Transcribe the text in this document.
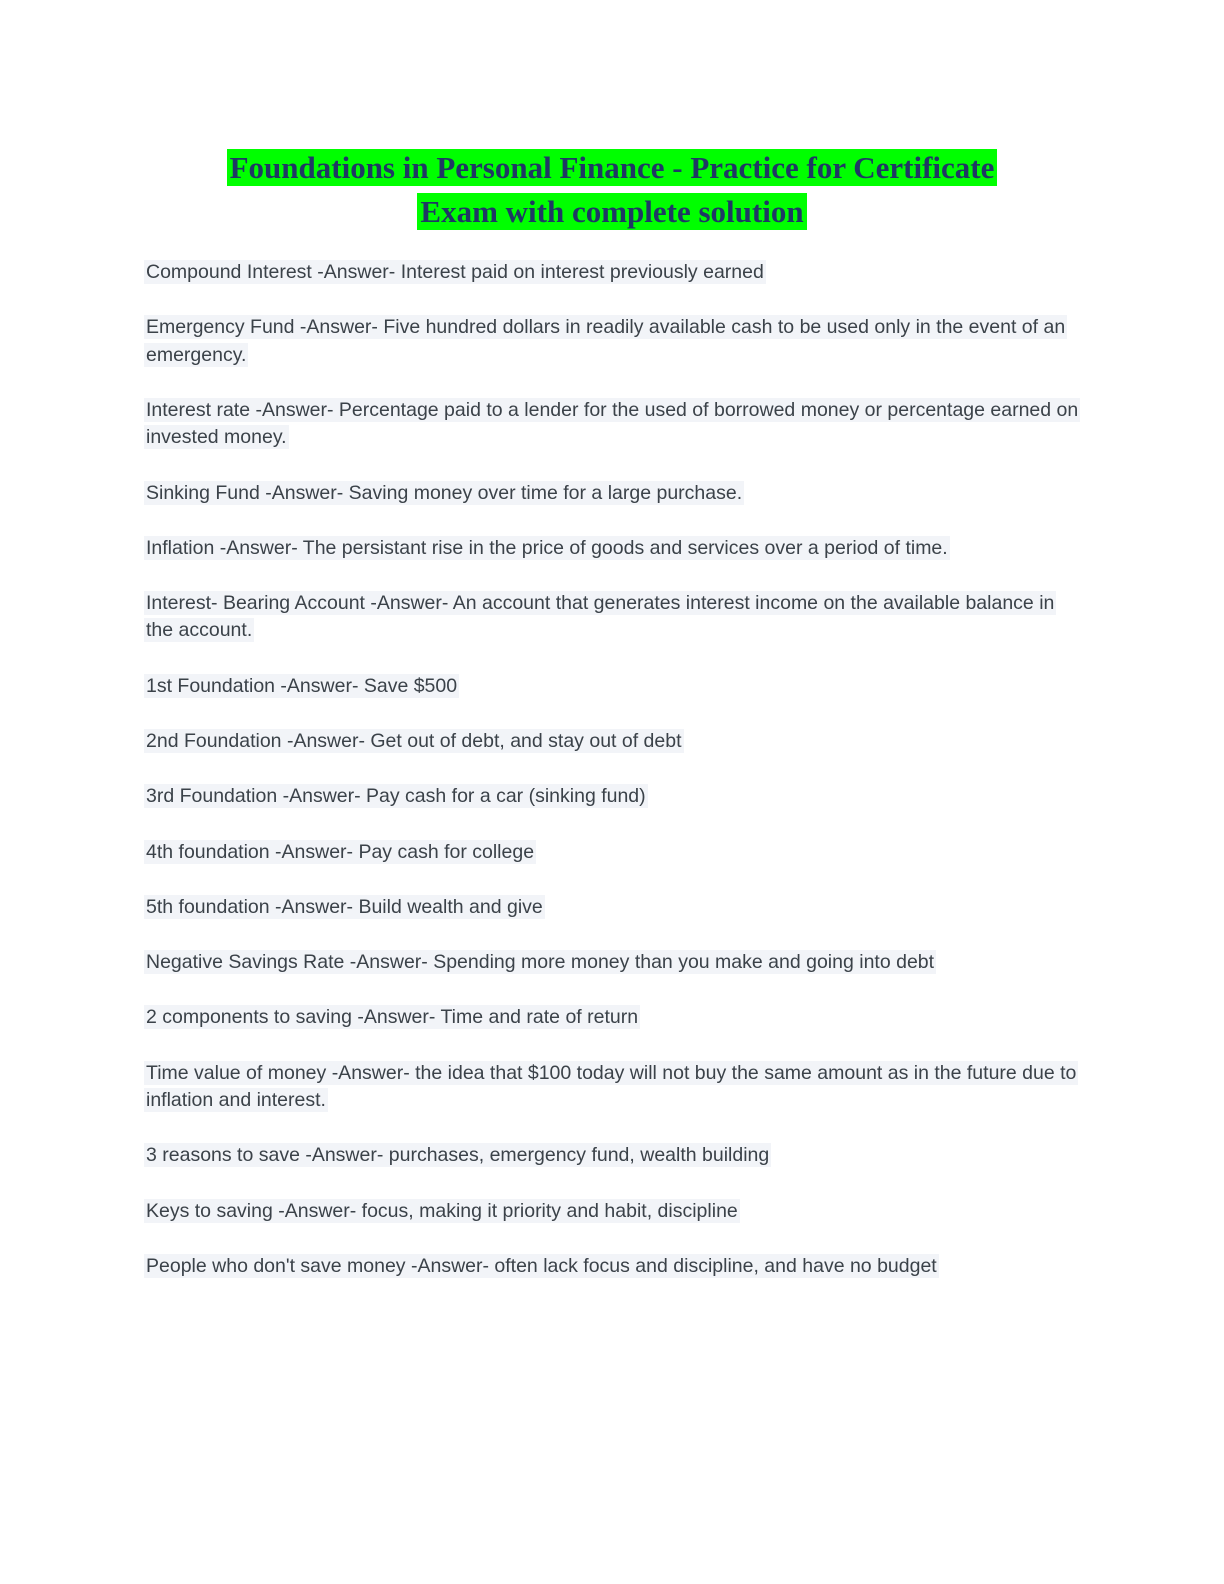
Foundations in Personal Finance - Practice for Certificate
Exam with complete solution

Compound Interest -Answer- Interest paid on interest previously earned

Emergency Fund -Answer- Five hundred dollars in readily available cash to be used only in the event of an emergency.

Interest rate -Answer- Percentage paid to a lender for the used of borrowed money or percentage earned on invested money.

Sinking Fund -Answer- Saving money over time for a large purchase.

Inflation -Answer- The persistant rise in the price of goods and services over a period of time.

Interest- Bearing Account -Answer- An account that generates interest income on the available balance in the account.

1st Foundation -Answer- Save $500

2nd Foundation -Answer- Get out of debt, and stay out of debt

3rd Foundation -Answer- Pay cash for a car (sinking fund)

4th foundation -Answer- Pay cash for college

5th foundation -Answer- Build wealth and give

Negative Savings Rate -Answer- Spending more money than you make and going into debt

2 components to saving -Answer- Time and rate of return

Time value of money -Answer- the idea that $100 today will not buy the same amount as in the future due to inflation and interest.

3 reasons to save -Answer- purchases, emergency fund, wealth building

Keys to saving -Answer- focus, making it priority and habit, discipline

People who don't save money -Answer- often lack focus and discipline, and have no budget
